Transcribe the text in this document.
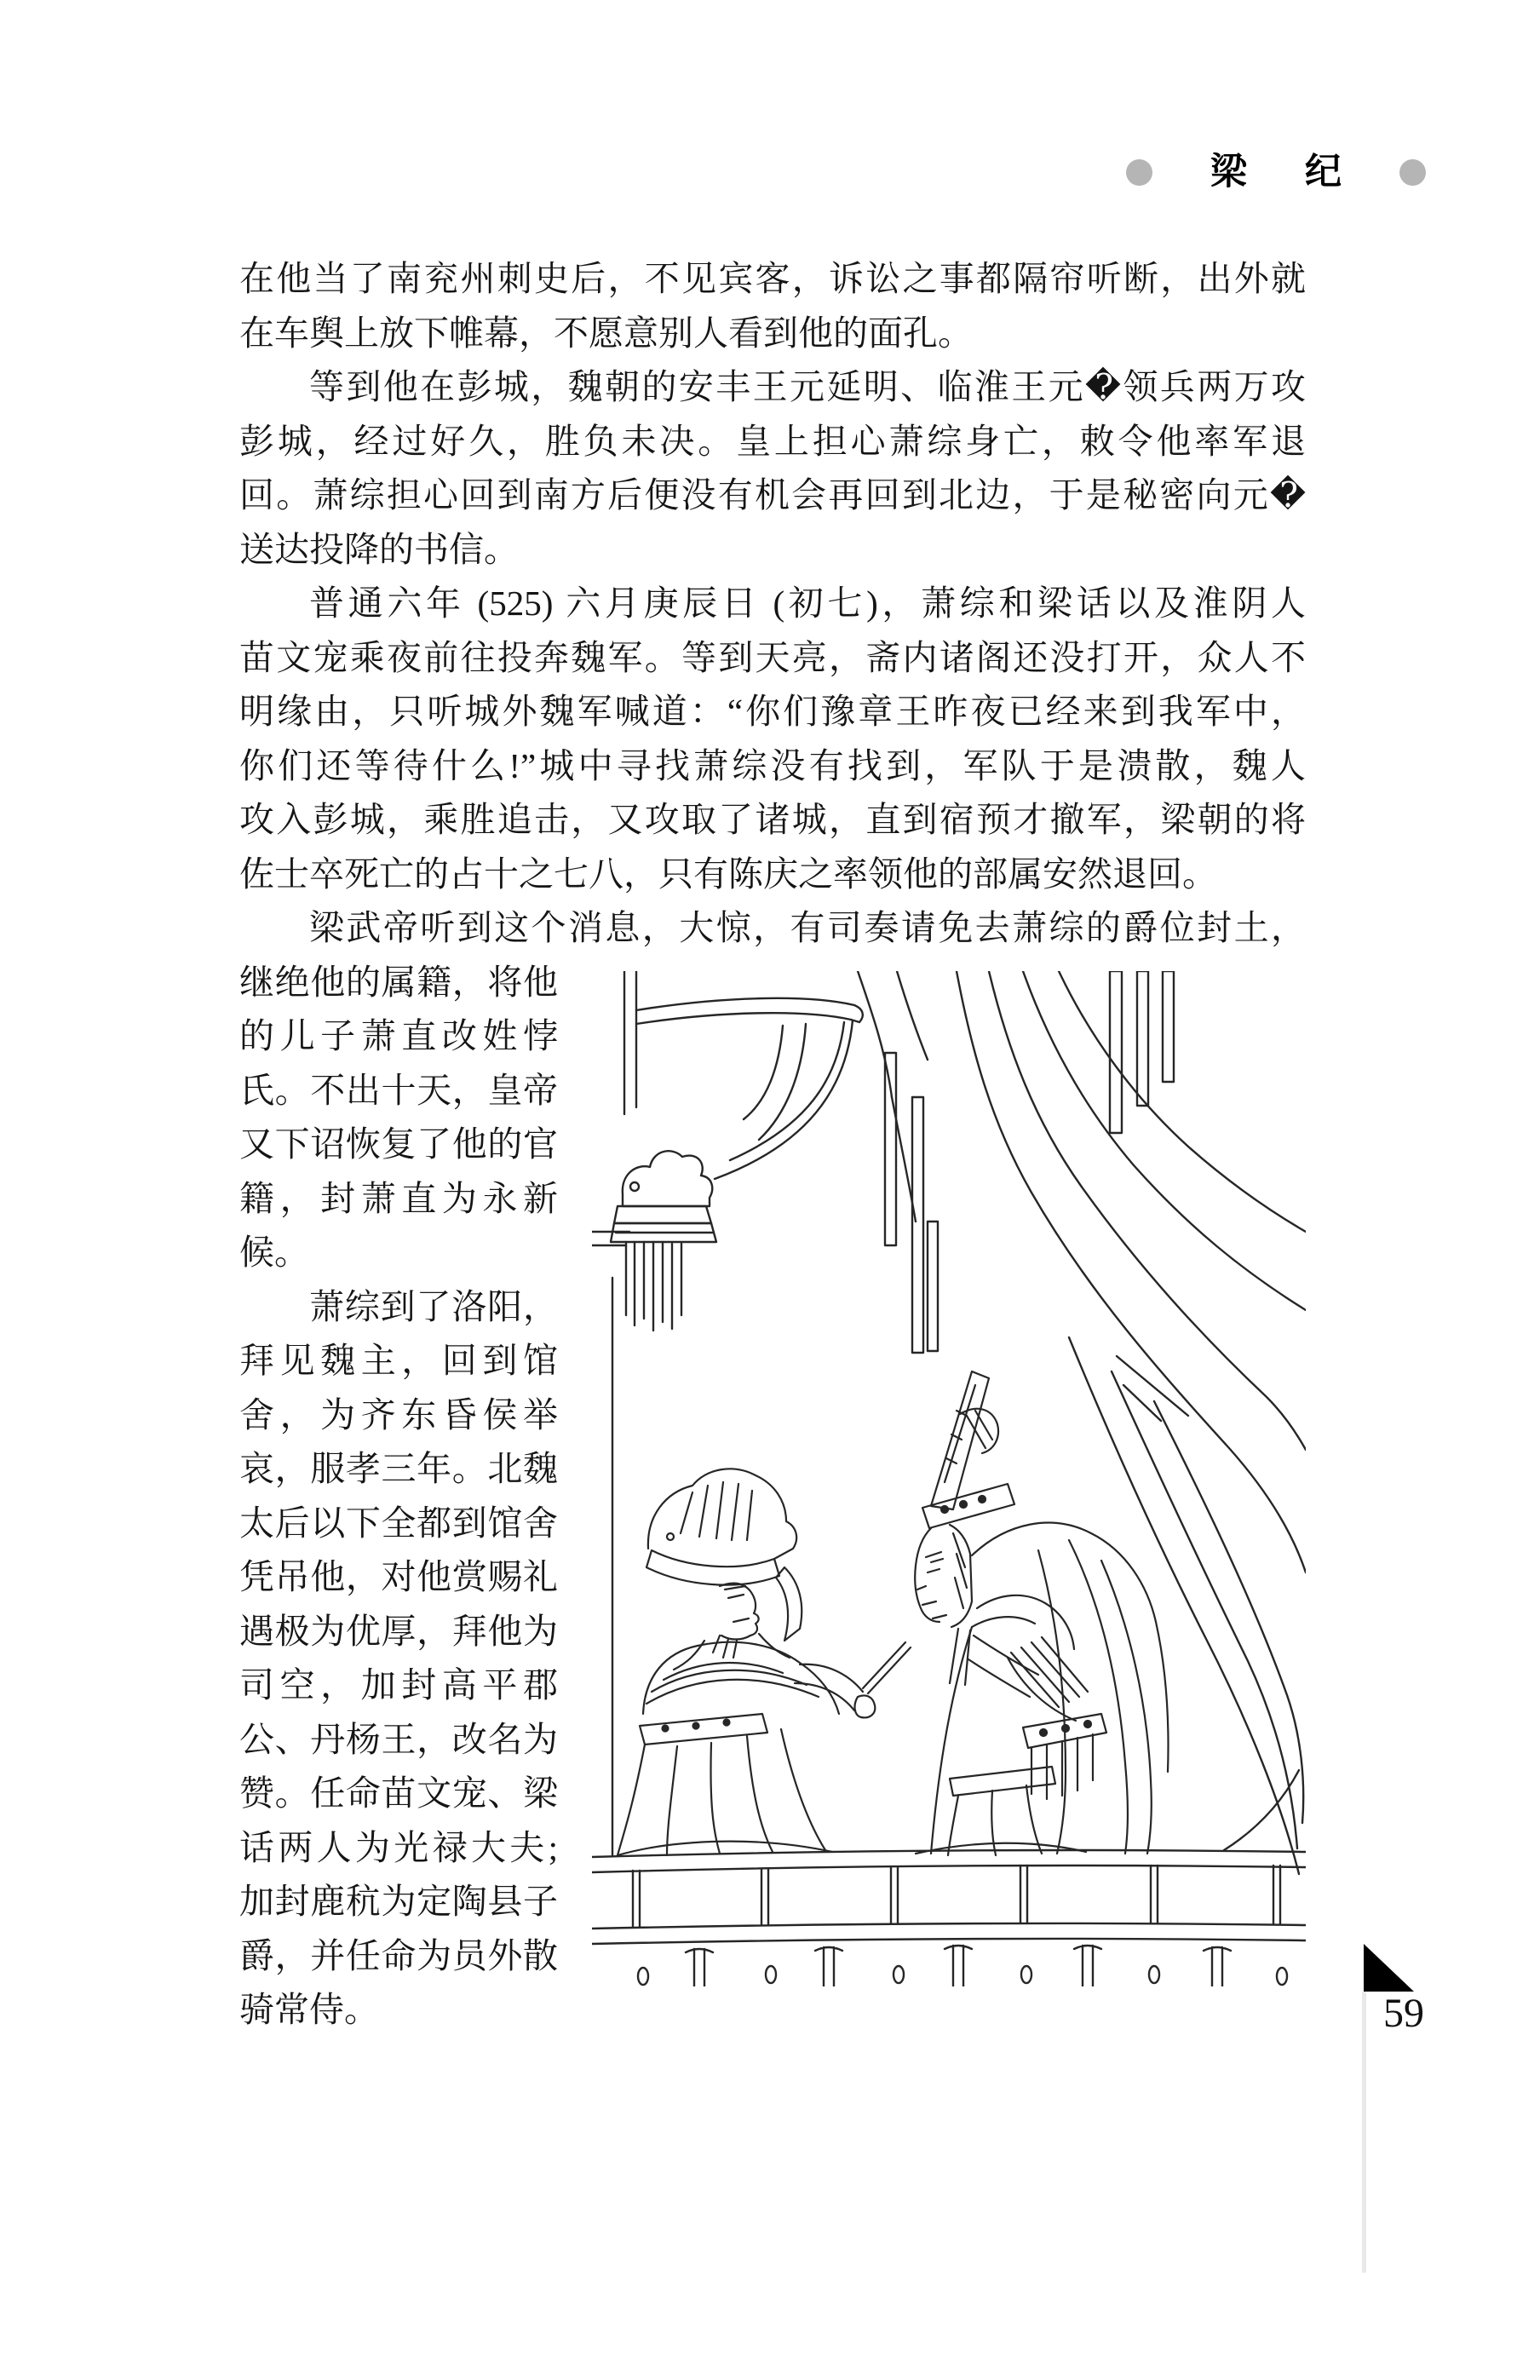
梁 纪
在他当了南兖州刺史后，不见宾客，诉讼之事都隔帘听断，出外就
在车舆上放下帷幕，不愿意别人看到他的面孔。
等到他在彭城，魏朝的安丰王元延明、临淮王元�领兵两万攻
彭城，经过好久，胜负未决。皇上担心萧综身亡，敕令他率军退
回。萧综担心回到南方后便没有机会再回到北边，于是秘密向元�
送达投降的书信。
普通六年 (525) 六月庚辰日 (初七)，萧综和梁话以及淮阴人
苗文宠乘夜前往投奔魏军。等到天亮，斋内诸阁还没打开，众人不
明缘由，只听城外魏军喊道：“你们豫章王昨夜已经来到我军中，
你们还等待什么!”城中寻找萧综没有找到，军队于是溃散，魏人
攻入彭城，乘胜追击，又攻取了诸城，直到宿预才撤军，梁朝的将
佐士卒死亡的占十之七八，只有陈庆之率领他的部属安然退回。
梁武帝听到这个消息，大惊，有司奏请免去萧综的爵位封土，
继绝他的属籍，将他
的儿子萧直改姓悖
氏。不出十天，皇帝
又下诏恢复了他的官
籍，封萧直为永新
候。
萧综到了洛阳，
拜见魏主，回到馆
舍，为齐东昏侯举
哀，服孝三年。北魏
太后以下全都到馆舍
凭吊他，对他赏赐礼
遇极为优厚，拜他为
司空，加封高平郡
公、丹杨王，改名为
赞。任命苗文宠、梁
话两人为光禄大夫;
加封鹿秔为定陶县子
爵，并任命为员外散
骑常侍。	59
